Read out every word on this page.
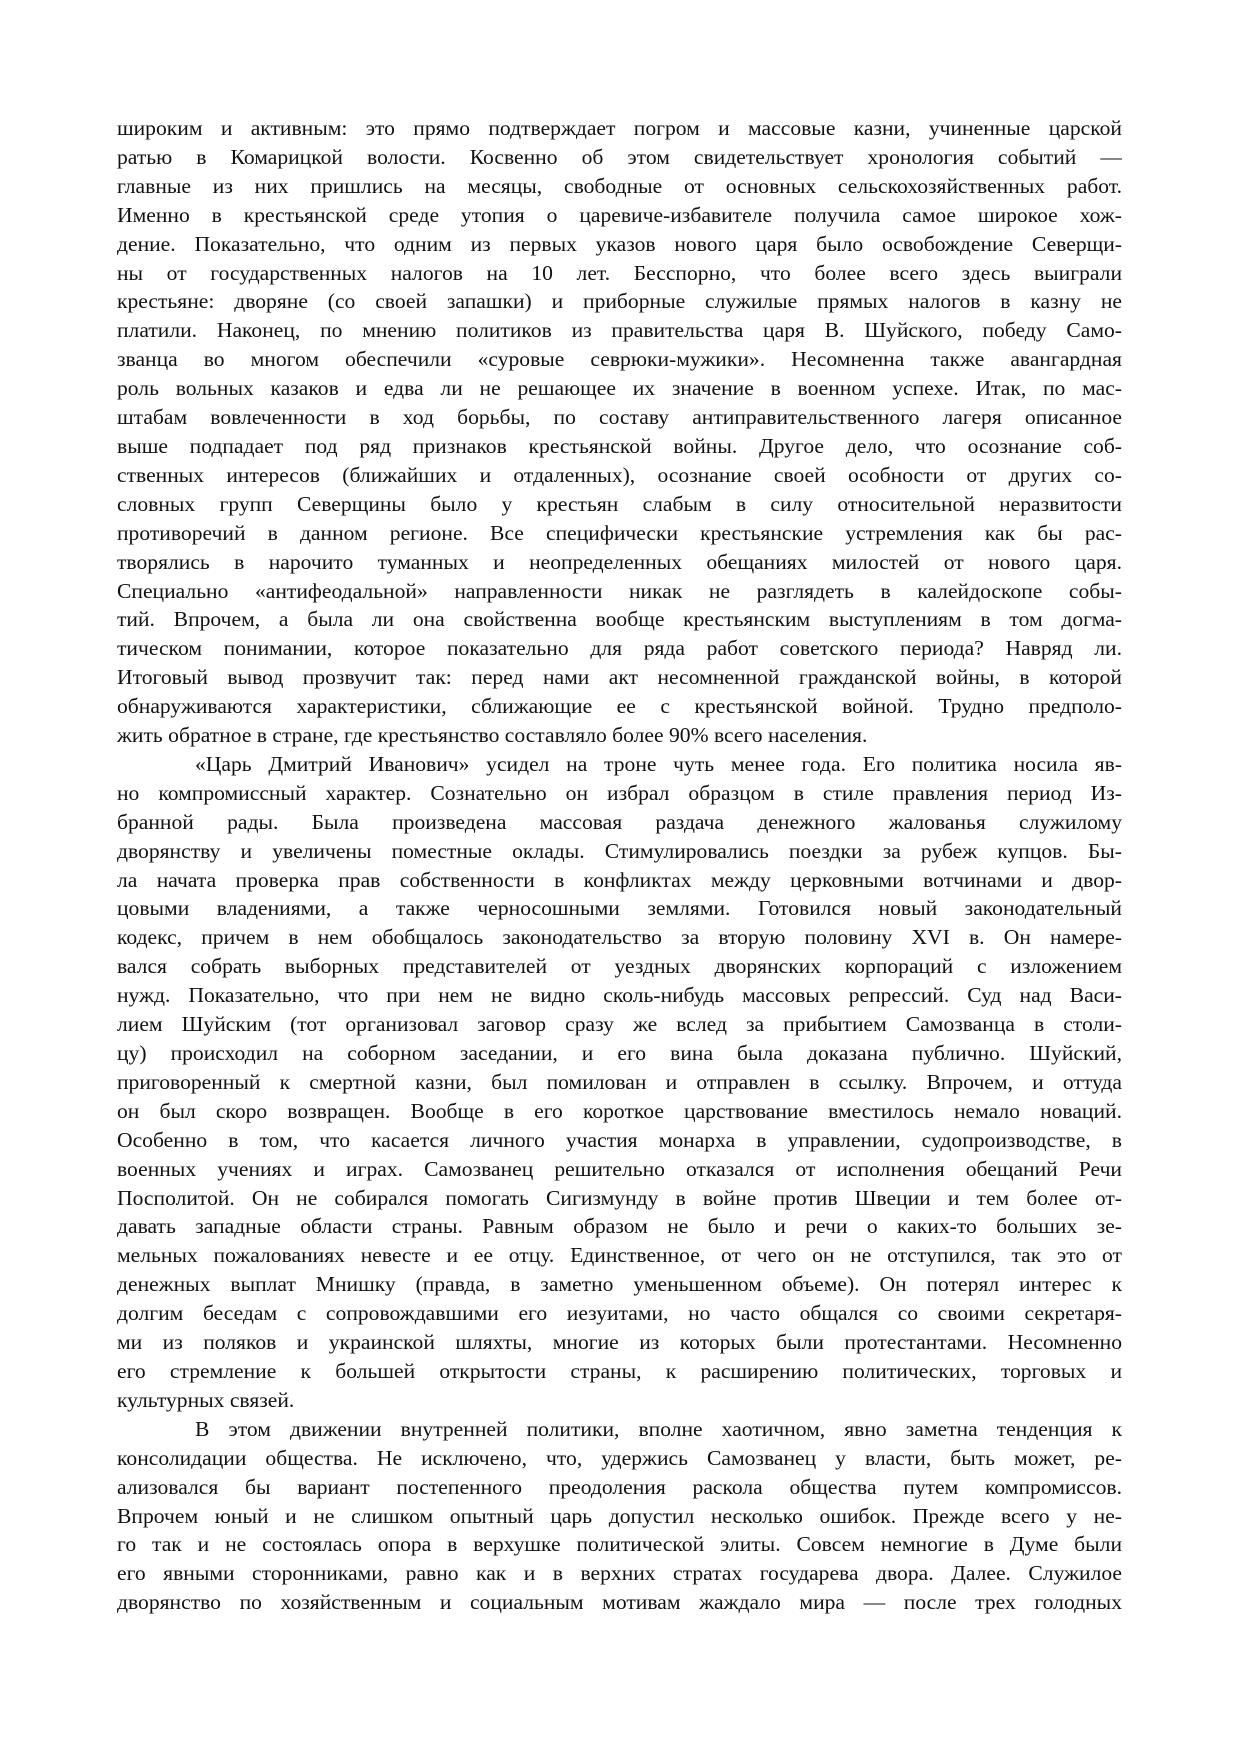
широким и активным: это прямо подтверждает погром и массовые казни, учиненные царской
ратью в Комарицкой волости. Косвенно об этом свидетельствует хронология событий —
главные из них пришлись на месяцы, свободные от основных сельскохозяйственных работ.
Именно в крестьянской среде утопия о царевиче-избавителе получила самое широкое хож-
дение. Показательно, что одним из первых указов нового царя было освобождение Северщи-
ны от государственных налогов на 10 лет. Бесспорно, что более всего здесь выиграли
крестьяне: дворяне (со своей запашки) и приборные служилые прямых налогов в казну не
платили. Наконец, по мнению политиков из правительства царя В. Шуйского, победу Само-
званца во многом обеспечили «суровые севрюки-мужики». Несомненна также авангардная
роль вольных казаков и едва ли не решающее их значение в военном успехе. Итак, по мас-
штабам вовлеченности в ход борьбы, по составу антиправительственного лагеря описанное
выше подпадает под ряд признаков крестьянской войны. Другое дело, что осознание соб-
ственных интересов (ближайших и отдаленных), осознание своей особности от других со-
словных групп Северщины было у крестьян слабым в силу относительной неразвитости
противоречий в данном регионе. Все специфически крестьянские устремления как бы рас-
творялись в нарочито туманных и неопределенных обещаниях милостей от нового царя.
Специально «антифеодальной» направленности никак не разглядеть в калейдоскопе собы-
тий. Впрочем, а была ли она свойственна вообще крестьянским выступлениям в том догма-
тическом понимании, которое показательно для ряда работ советского периода? Навряд ли.
Итоговый вывод прозвучит так: перед нами акт несомненной гражданской войны, в которой
обнаруживаются характеристики, сближающие ее с крестьянской войной. Трудно предполо-
жить обратное в стране, где крестьянство составляло более 90% всего населения.
«Царь Дмитрий Иванович» усидел на троне чуть менее года. Его политика носила яв-
но компромиссный характер. Сознательно он избрал образцом в стиле правления период Из-
бранной рады. Была произведена массовая раздача денежного жалованья служилому
дворянству и увеличены поместные оклады. Стимулировались поездки за рубеж купцов. Бы-
ла начата проверка прав собственности в конфликтах между церковными вотчинами и двор-
цовыми владениями, а также черносошными землями. Готовился новый законодательный
кодекс, причем в нем обобщалось законодательство за вторую половину XVI в. Он намере-
вался собрать выборных представителей от уездных дворянских корпораций с изложением
нужд. Показательно, что при нем не видно сколь-нибудь массовых репрессий. Суд над Васи-
лием Шуйским (тот организовал заговор сразу же вслед за прибытием Самозванца в столи-
цу) происходил на соборном заседании, и его вина была доказана публично. Шуйский,
приговоренный к смертной казни, был помилован и отправлен в ссылку. Впрочем, и оттуда
он был скоро возвращен. Вообще в его короткое царствование вместилось немало новаций.
Особенно в том, что касается личного участия монарха в управлении, судопроизводстве, в
военных учениях и играх. Самозванец решительно отказался от исполнения обещаний Речи
Посполитой. Он не собирался помогать Сигизмунду в войне против Швеции и тем более от-
давать западные области страны. Равным образом не было и речи о каких-то больших зе-
мельных пожалованиях невесте и ее отцу. Единственное, от чего он не отступился, так это от
денежных выплат Мнишку (правда, в заметно уменьшенном объеме). Он потерял интерес к
долгим беседам с сопровождавшими его иезуитами, но часто общался со своими секретаря-
ми из поляков и украинской шляхты, многие из которых были протестантами. Несомненно
его стремление к большей открытости страны, к расширению политических, торговых и
культурных связей.
В этом движении внутренней политики, вполне хаотичном, явно заметна тенденция к
консолидации общества. Не исключено, что, удержись Самозванец у власти, быть может, ре-
ализовался бы вариант постепенного преодоления раскола общества путем компромиссов.
Впрочем юный и не слишком опытный царь допустил несколько ошибок. Прежде всего у не-
го так и не состоялась опора в верхушке политической элиты. Совсем немногие в Думе были
его явными сторонниками, равно как и в верхних стратах государева двора. Далее. Служилое
дворянство по хозяйственным и социальным мотивам жаждало мира — после трех голодных
